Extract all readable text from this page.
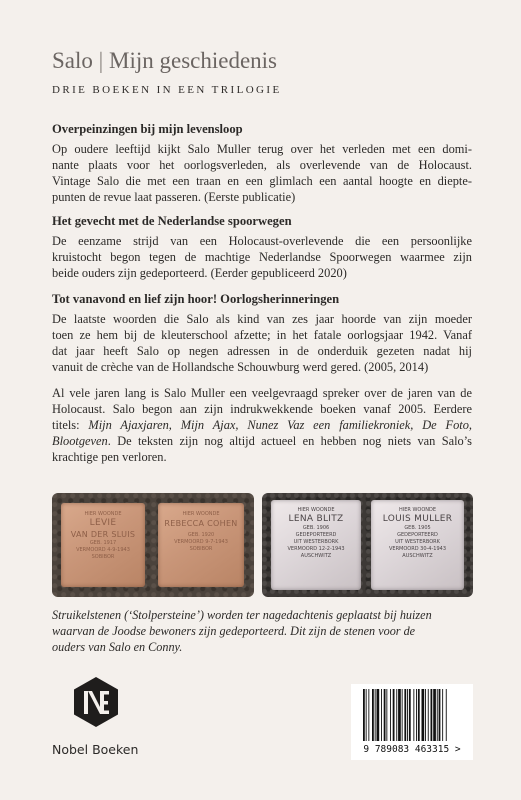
Salo | Mijn geschiedenis
DRIE BOEKEN IN EEN TRILOGIE
Overpeinzingen bij mijn levensloop

Op oudere leeftijd kijkt Salo Muller terug over het verleden met een domi-
nante plaats voor het oorlogsverleden, als overlevende van de Holocaust.
Vintage Salo die met een traan en een glimlach een aantal hoogte en diepte-
punten de revue laat passeren. (Eerste publicatie)

Het gevecht met de Nederlandse spoorwegen

De eenzame strijd van een Holocaust-overlevende die een persoonlijke
kruistocht begon tegen de machtige Nederlandse Spoorwegen waarmee zijn
beide ouders zijn gedeporteerd. (Eerder gepubliceerd 2020)

Tot vanavond en lief zijn hoor! Oorlogsherinneringen

De laatste woorden die Salo als kind van zes jaar hoorde van zijn moeder
toen ze hem bij de kleuterschool afzette; in het fatale oorlogsjaar 1942. Vanaf
dat jaar heeft Salo op negen adressen in de onderduik gezeten nadat hij
vanuit de crèche van de Hollandsche Schouwburg werd gered. (2005, 2014)

Al vele jaren lang is Salo Muller een veelgevraagd spreker over de jaren van de
Holocaust. Salo begon aan zijn indrukwekkende boeken vanaf 2005. Eerdere
titels: Mijn Ajaxjaren, Mijn Ajax, Nunez Vaz een familiekroniek, De Foto,
Blootgeven. De teksten zijn nog altijd actueel en hebben nog niets van Salo’s
krachtige pen verloren.

HIER WOONDE
LEVIE
VAN DER SLUIS
GEB. 1917
VERMOORD 4-9-1943
SOBIBOR
HIER WOONDE
REBECCA COHEN
GEB. 1920
VERMOORD 9-7-1943
SOBIBOR
HIER WOONDE
LENA BLITZ
GEB. 1906
GEDEPORTEERD
UIT WESTERBORK
VERMOORD 12-2-1943
AUSCHWITZ
HIER WOONDE
LOUIS MULLER
GEB. 1905
GEDEPORTEERD
UIT WESTERBORK
VERMOORD 30-4-1943
AUSCHWITZ

Struikelstenen (‘Stolpersteine’) worden ter nagedachtenis geplaatst bij huizen
waarvan de Joodse bewoners zijn gedeporteerd. Dit zijn de stenen voor de
ouders van Salo en Conny.

Nobel Boeken	9 789083 463315 >
